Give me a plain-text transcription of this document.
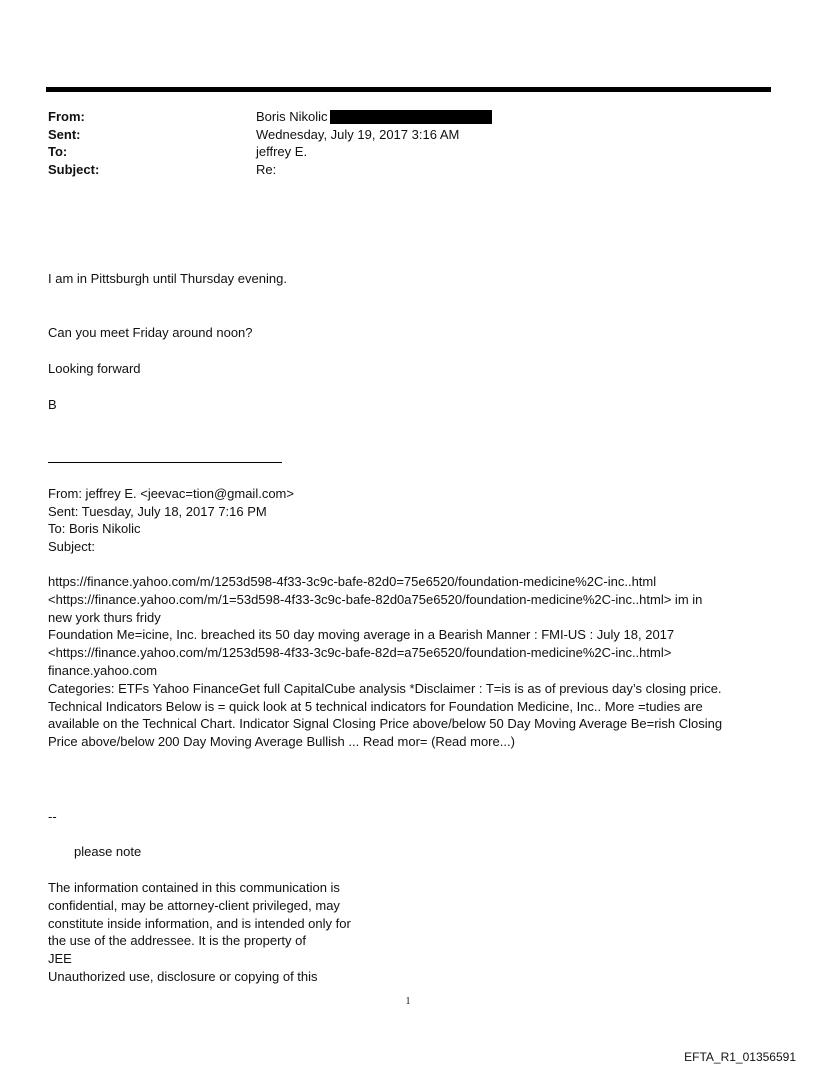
From:	Boris Nikolic
Sent:	Wednesday, July 19, 2017 3:16 AM
To:	jeffrey E.
Subject:	Re:
I am in Pittsburgh until Thursday evening.
Can you meet Friday around noon?
Looking forward
B
From: jeffrey E. <jeevac=tion@gmail.com>
Sent: Tuesday, July 18, 2017 7:16 PM
To: Boris Nikolic
Subject:
https://finance.yahoo.com/m/1253d598-4f33-3c9c-bafe-82d0=75e6520/foundation-medicine%2C-inc..html
<https://finance.yahoo.com/m/1=53d598-4f33-3c9c-bafe-82d0a75e6520/foundation-medicine%2C-inc..html> im in
new york thurs fridy
Foundation Me=icine, Inc. breached its 50 day moving average in a Bearish Manner : FMI-US : July 18, 2017
<https://finance.yahoo.com/m/1253d598-4f33-3c9c-bafe-82d=a75e6520/foundation-medicine%2C-inc..html>
finance.yahoo.com
Categories: ETFs Yahoo FinanceGet full CapitalCube analysis *Disclaimer : T=is is as of previous day’s closing price.
Technical Indicators Below is = quick look at 5 technical indicators for Foundation Medicine, Inc.. More =tudies are
available on the Technical Chart. Indicator Signal Closing Price above/below 50 Day Moving Average Be=rish Closing
Price above/below 200 Day Moving Average Bullish ... Read mor= (Read more...)
--
please note
The information contained in this communication is
confidential, may be attorney-client privileged, may
constitute inside information, and is intended only for
the use of the addressee. It is the property of
JEE
Unauthorized use, disclosure or copying of this
1
EFTA_R1_01356591
